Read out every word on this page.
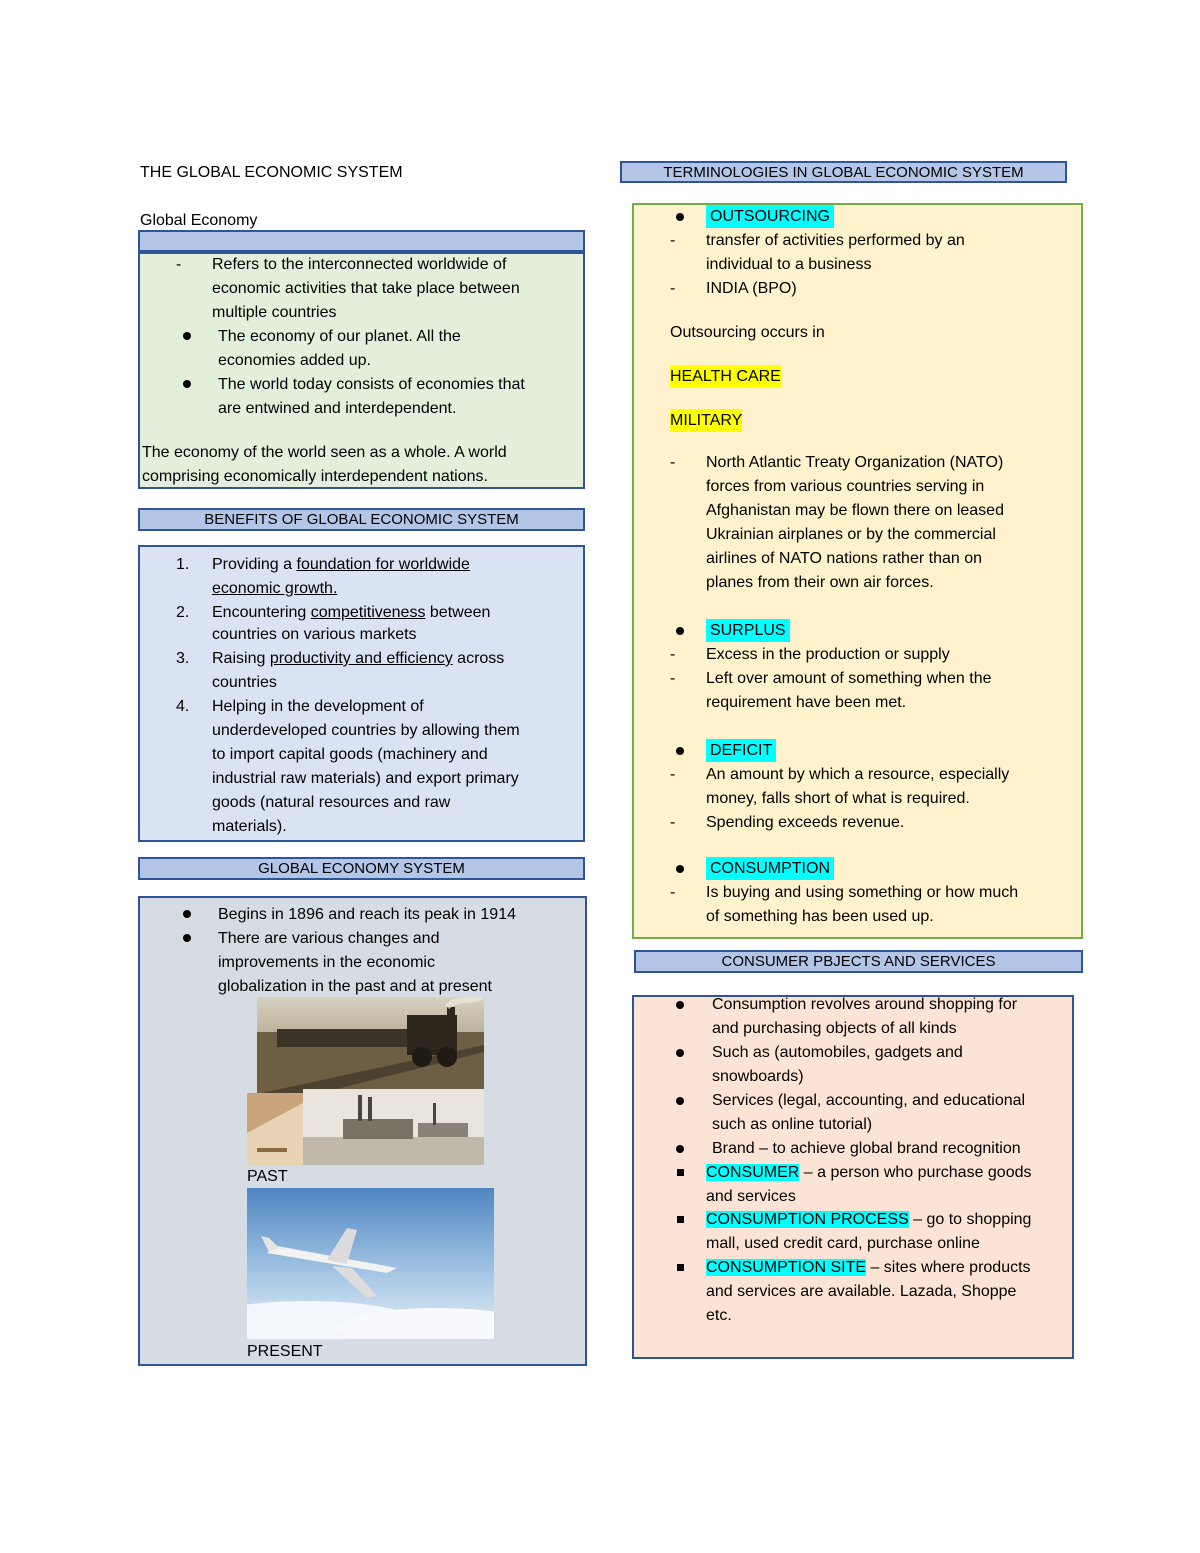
THE GLOBAL ECONOMIC SYSTEM
Global Economy
- Refers to the interconnected worldwide of
economic activities that take place between
multiple countries
The economy of our planet. All the
economies added up.
The world today consists of economies that
are entwined and interdependent.
The economy of the world seen as a whole. A world
comprising economically interdependent nations.
BENEFITS OF GLOBAL ECONOMIC SYSTEM
1. Providing a foundation for worldwide
economic growth.
2. Encountering competitiveness between
countries on various markets
3. Raising productivity and efficiency across
countries
4. Helping in the development of
underdeveloped countries by allowing them
to import capital goods (machinery and
industrial raw materials) and export primary
goods (natural resources and raw
materials).
GLOBAL ECONOMY SYSTEM
Begins in 1896 and reach its peak in 1914
There are various changes and
improvements in the economic
globalization in the past and at present
PAST
PRESENT
TERMINOLOGIES IN GLOBAL ECONOMIC SYSTEM
OUTSOURCING
- transfer of activities performed by an
individual to a business
- INDIA (BPO)
Outsourcing occurs in
HEALTH CARE
MILITARY
- North Atlantic Treaty Organization (NATO)
forces from various countries serving in
Afghanistan may be flown there on leased
Ukrainian airplanes or by the commercial
airlines of NATO nations rather than on
planes from their own air forces.
SURPLUS
- Excess in the production or supply
- Left over amount of something when the
requirement have been met.
DEFICIT
- An amount by which a resource, especially
money, falls short of what is required.
- Spending exceeds revenue.
CONSUMPTION
- Is buying and using something or how much
of something has been used up.
CONSUMER PBJECTS AND SERVICES
Consumption revolves around shopping for
and purchasing objects of all kinds
Such as (automobiles, gadgets and
snowboards)
Services (legal, accounting, and educational
such as online tutorial)
Brand – to achieve global brand recognition
CONSUMER – a person who purchase goods
and services
CONSUMPTION PROCESS – go to shopping
mall, used credit card, purchase online
CONSUMPTION SITE – sites where products
and services are available. Lazada, Shoppe
etc.
